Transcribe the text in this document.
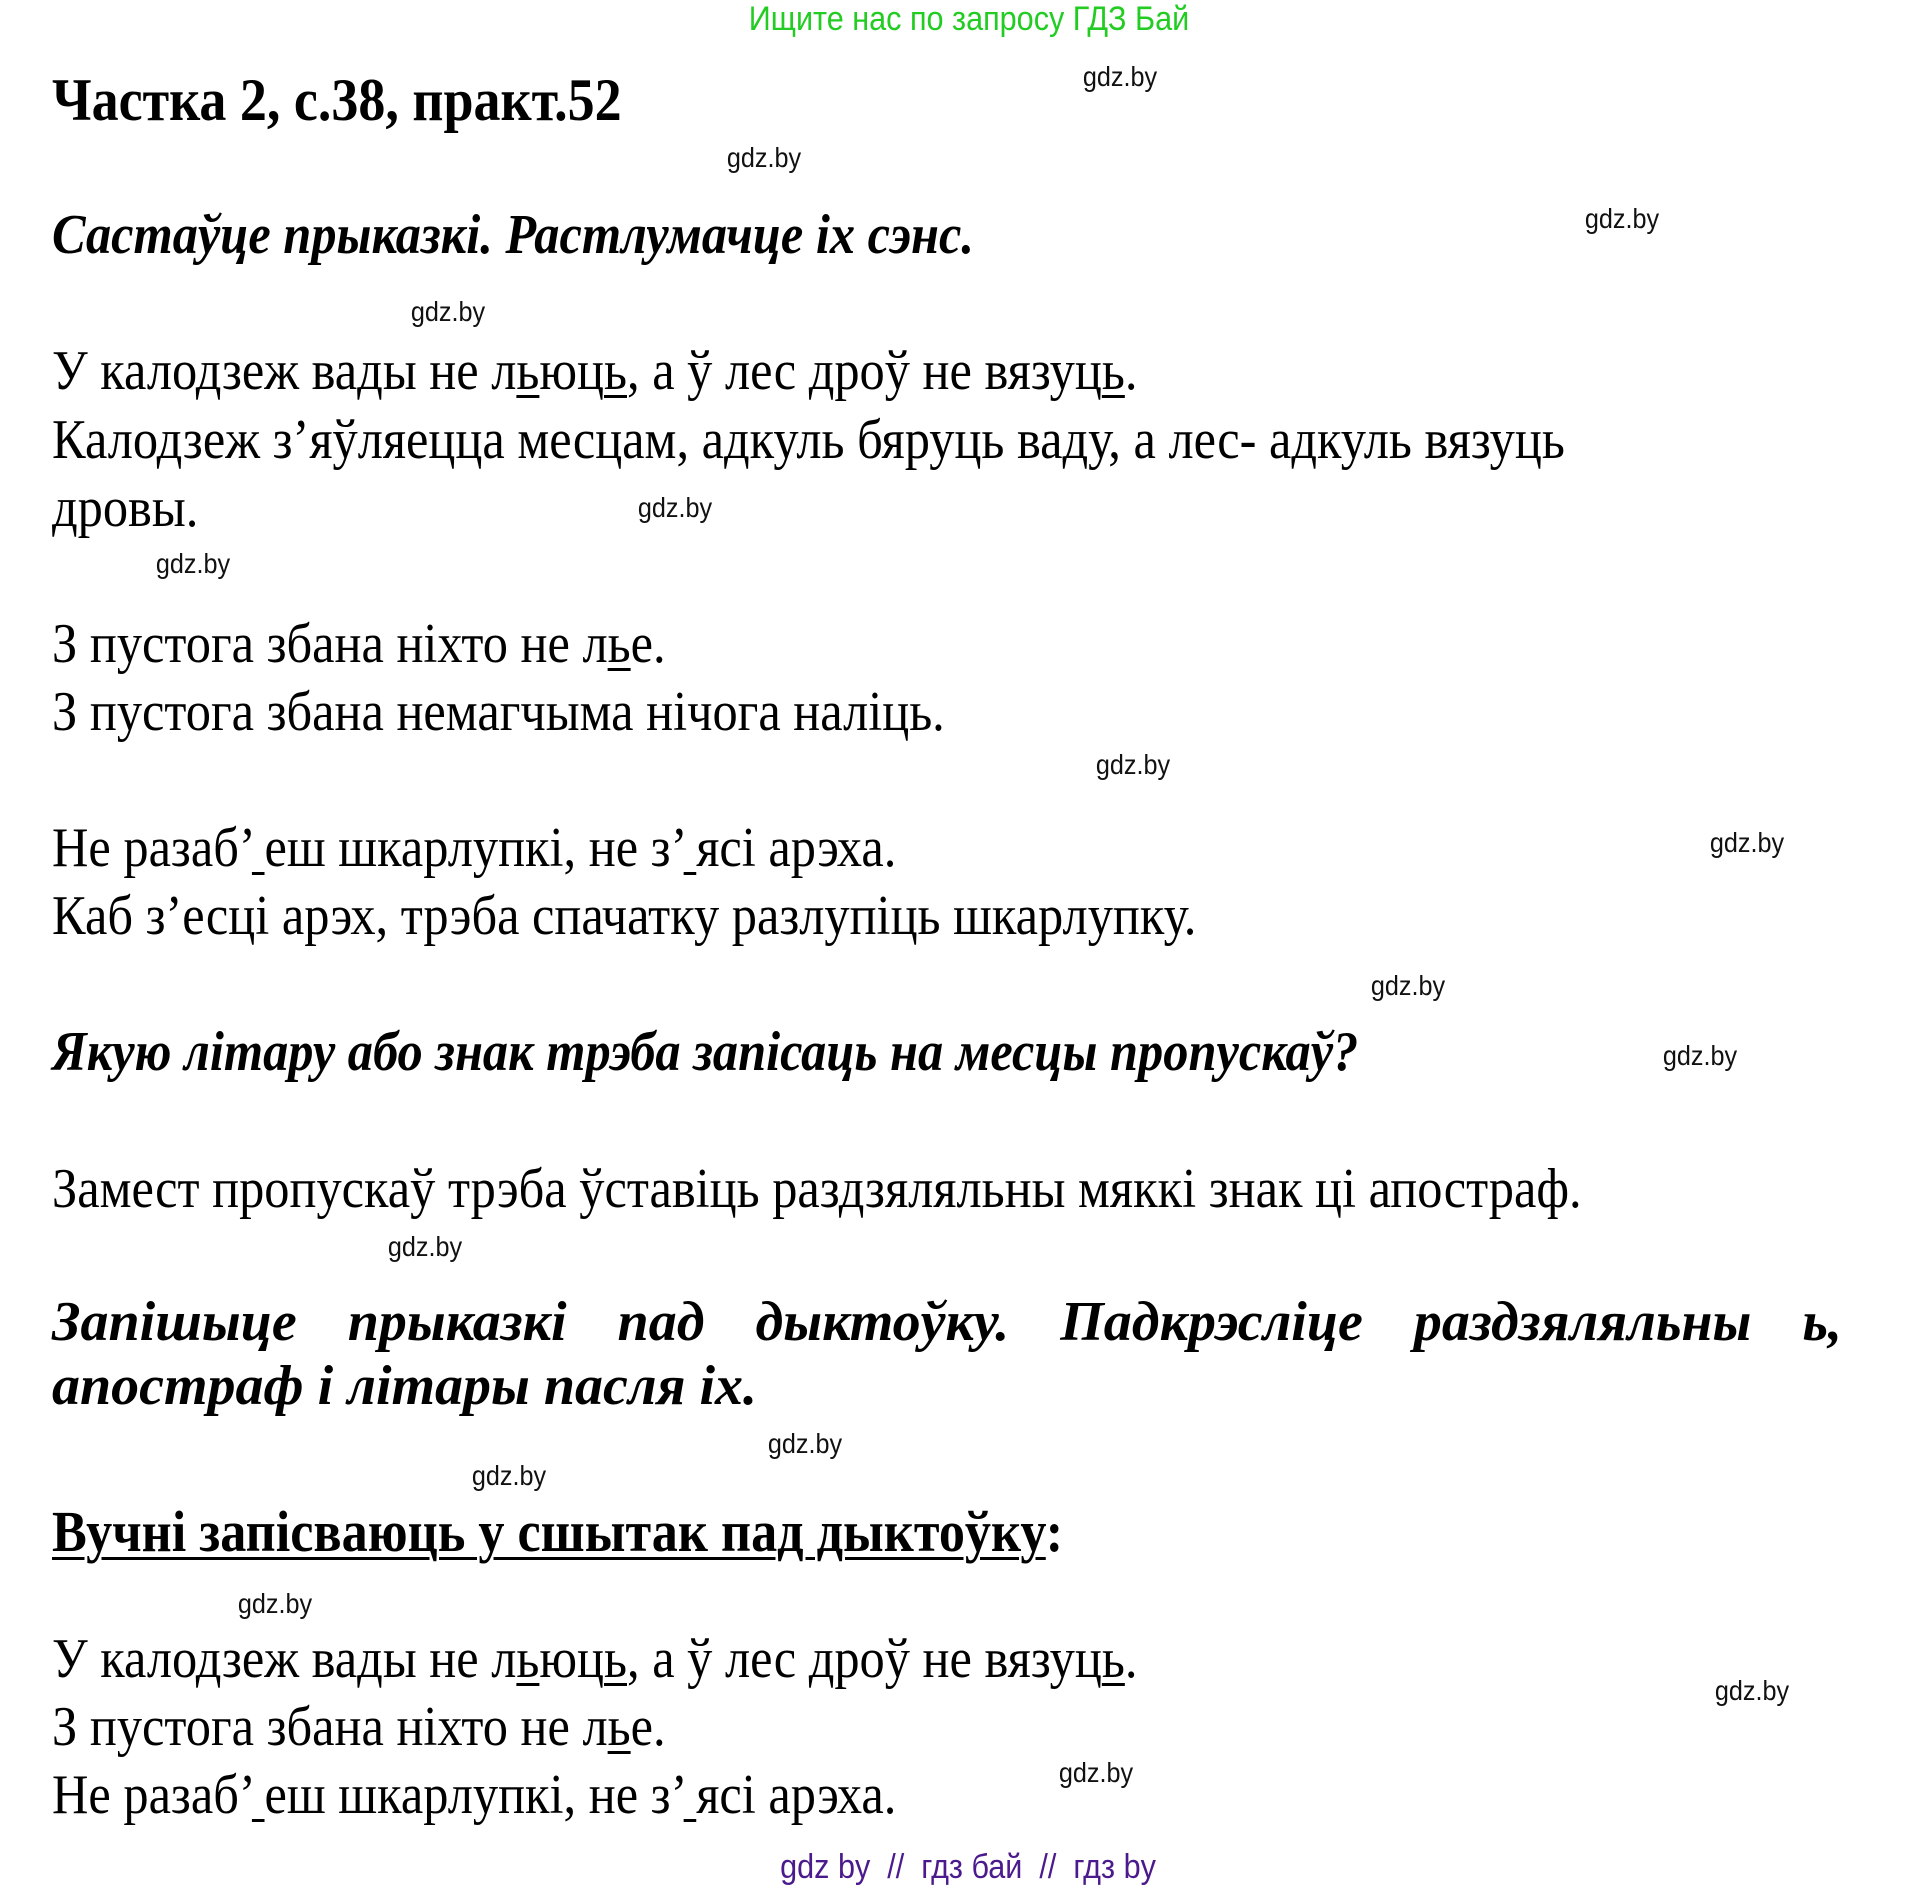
Ищите нас по запросу ГДЗ Бай
Частка 2, с.38, практ.52
Састаўце прыказкі. Растлумачце іх сэнс.
У калодзеж вады не льюць, а ў лес дроў не вязуць.
Калодзеж з’яўляецца месцам, адкуль бяруць ваду, а лес- адкуль вязуць
дровы.
З пустога збана ніхто не лье.
З пустога збана немагчыма нічога наліць.
Не разаб’ еш шкарлупкі, не з’ ясі арэха.
Каб з’есці арэх, трэба спачатку разлупіць шкарлупку.
Якую літару або знак трэба запісаць на месцы пропускаў?
Замест пропускаў трэба ўставіць раздзяляльны мяккі знак ці апостраф.
Запішыце прыказкі пад дыктоўку. Падкрэсліце раздзяляльны ь, апостраф і літары пасля іх.
Вучні запісваюць у сшытак пад дыктоўку:
У калодзеж вады не льюць, а ў лес дроў не вязуць.
З пустога збана ніхто не лье.
Не разаб’ еш шкарлупкі, не з’ ясі арэха.
gdz.by
gdz.by
gdz.by
gdz.by
gdz.by
gdz.by
gdz.by
gdz.by
gdz.by
gdz.by
gdz.by
gdz.by
gdz.by
gdz.by
gdz.by
gdz.by
gdz by  //  гдз бай  //  гдз by
